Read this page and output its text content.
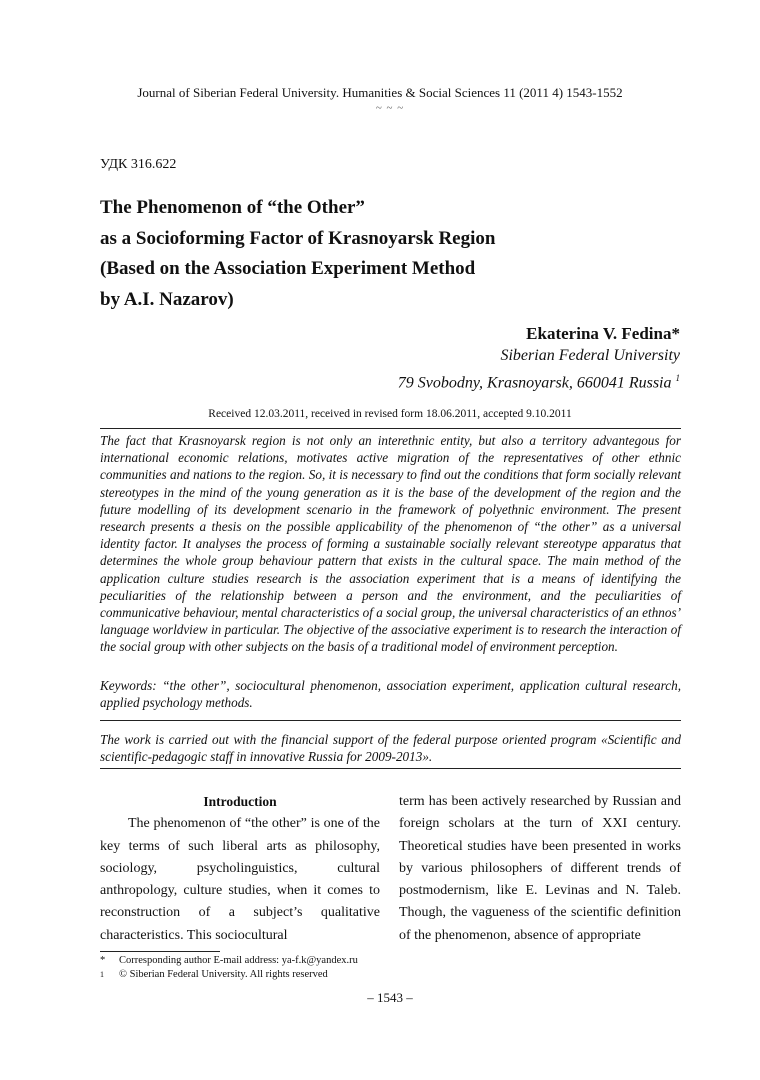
Journal of Siberian Federal University. Humanities & Social Sciences 11 (2011 4) 1543-1552
~ ~ ~
УДК 316.622
The Phenomenon of “the Other”
as a Socioforming Factor of Krasnoyarsk Region
(Based on the Association Experiment Method
by A.I. Nazarov)
Ekaterina V. Fedina*
Siberian Federal University
79 Svobodny, Krasnoyarsk, 660041 Russia $^1$
Received 12.03.2011, received in revised form 18.06.2011, accepted 9.10.2011
The fact that Krasnoyarsk region is not only an interethnic entity, but also a territory advantegous for international economic relations, motivates active migration of the representatives of other ethnic communities and nations to the region. So, it is necessary to find out the conditions that form socially relevant stereotypes in the mind of the young generation as it is the base of the development of the region and the future modelling of its development scenario in the framework of polyethnic environment. The present research presents a thesis on the possible applicability of the phenomenon of “the other” as a universal identity factor. It analyses the process of forming a sustainable socially relevant stereotype apparatus that determines the whole group behaviour pattern that exists in the cultural space. The main method of the application culture studies research is the association experiment that is a means of identifying the peculiarities of the relationship between a person and the environment, and the peculiarities of communicative behaviour, mental characteristics of a social group, the universal characteristics of an ethnos’ language worldview in particular. The objective of the associative experiment is to research the interaction of the social group with other subjects on the basis of a traditional model of environment perception.
Keywords: “the other”, sociocultural phenomenon, association experiment, application cultural research, applied psychology methods.
The work is carried out with the financial support of the federal purpose oriented program «Scientific and scientific-pedagogic staff in innovative Russia for 2009-2013».
Introduction

The phenomenon of “the other” is one of the key terms of such liberal arts as philosophy, sociology, psycholinguistics, cultural anthropology, culture studies, when it comes to reconstruction of a subject’s qualitative characteristics. This sociocultural

term has been actively researched by Russian and foreign scholars at the turn of XXI century. Theoretical studies have been presented in works by various philosophers of different trends of postmodernism, like E. Levinas and N. Taleb. Though, the vagueness of the scientific definition of the phenomenon, absence of appropriate

* Corresponding author E-mail address: ya-f.k@yandex.ru
1 © Siberian Federal University. All rights reserved
– 1543 –
